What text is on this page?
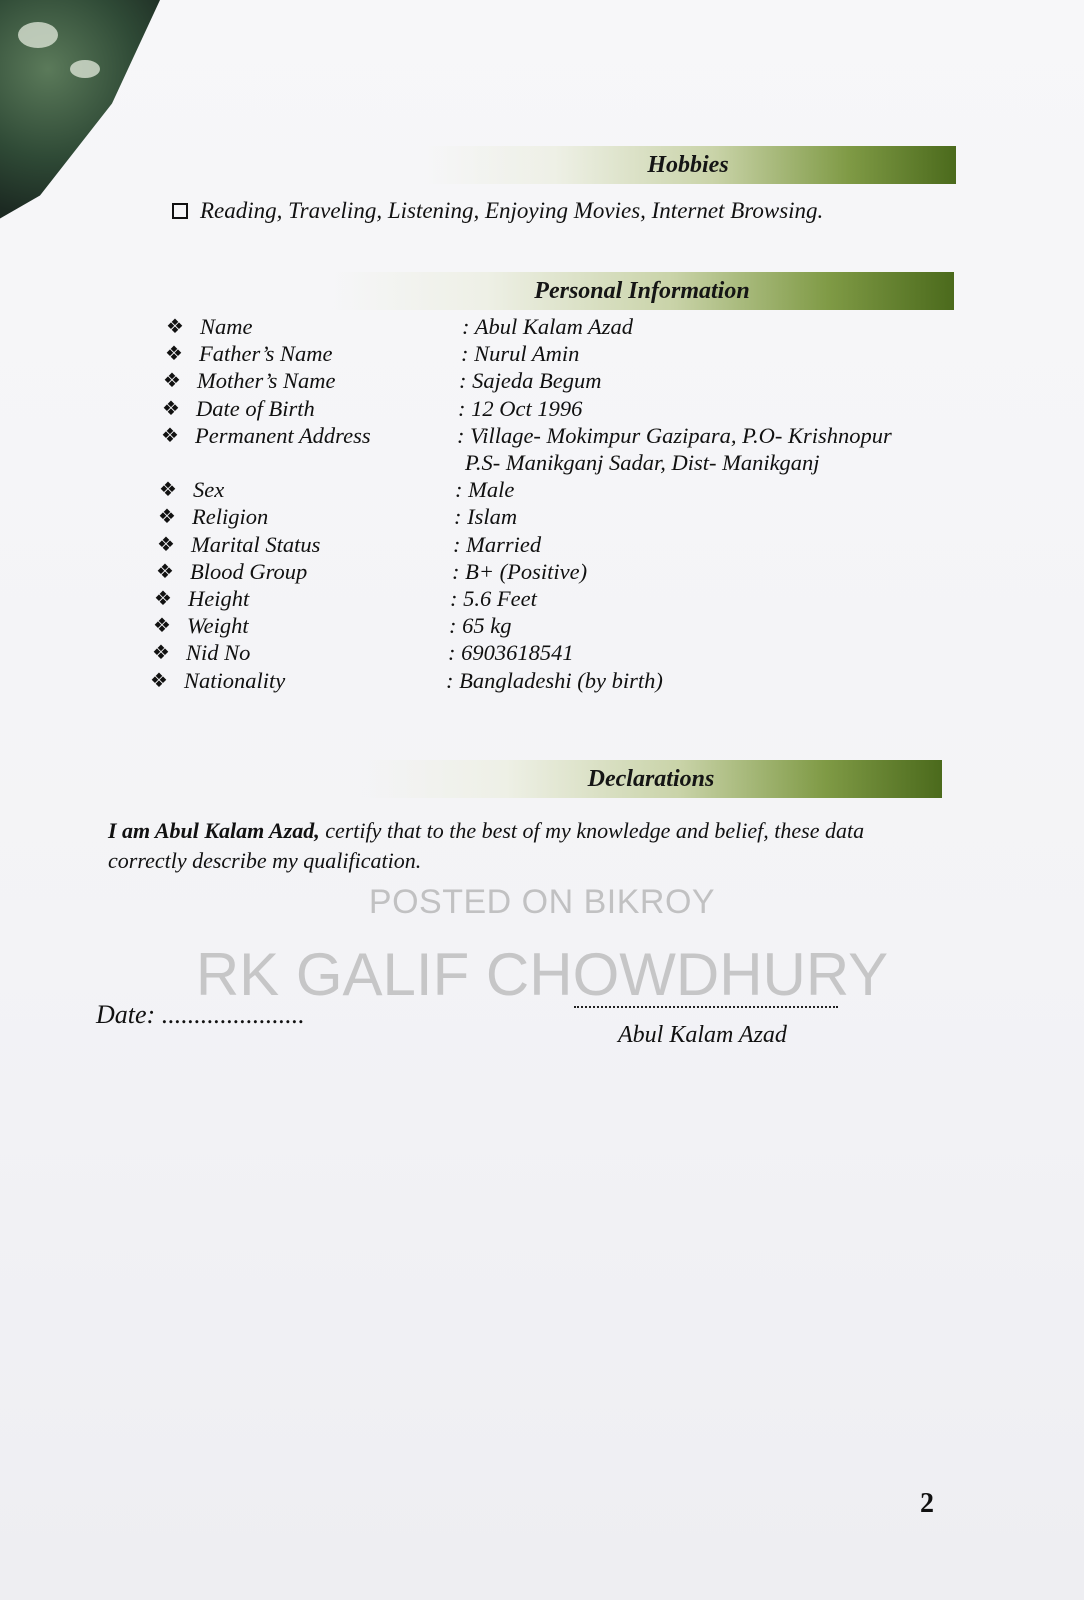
Hobbies
Reading, Traveling, Listening, Enjoying Movies, Internet Browsing.
Personal Information
❖ Name	: Abul Kalam Azad
❖ Father’s Name	: Nurul Amin
❖ Mother’s Name	: Sajeda Begum
❖ Date of Birth	: 12 Oct 1996
❖ Permanent Address	: Village- Mokimpur Gazipara, P.O- Krishnopur
P.S- Manikganj Sadar, Dist- Manikganj
❖ Sex	: Male
❖ Religion	: Islam
❖ Marital Status	: Married
❖ Blood Group	: B+ (Positive)
❖ Height	: 5.6 Feet
❖ Weight	: 65 kg
❖ Nid No	: 6903618541
❖ Nationality	: Bangladeshi (by birth)
Declarations
I am Abul Kalam Azad, certify that to the best of my knowledge and belief, these data correctly describe my qualification.
POSTED ON BIKROY
RK GALIF CHOWDHURY
Date: ......................
Abul Kalam Azad
2
